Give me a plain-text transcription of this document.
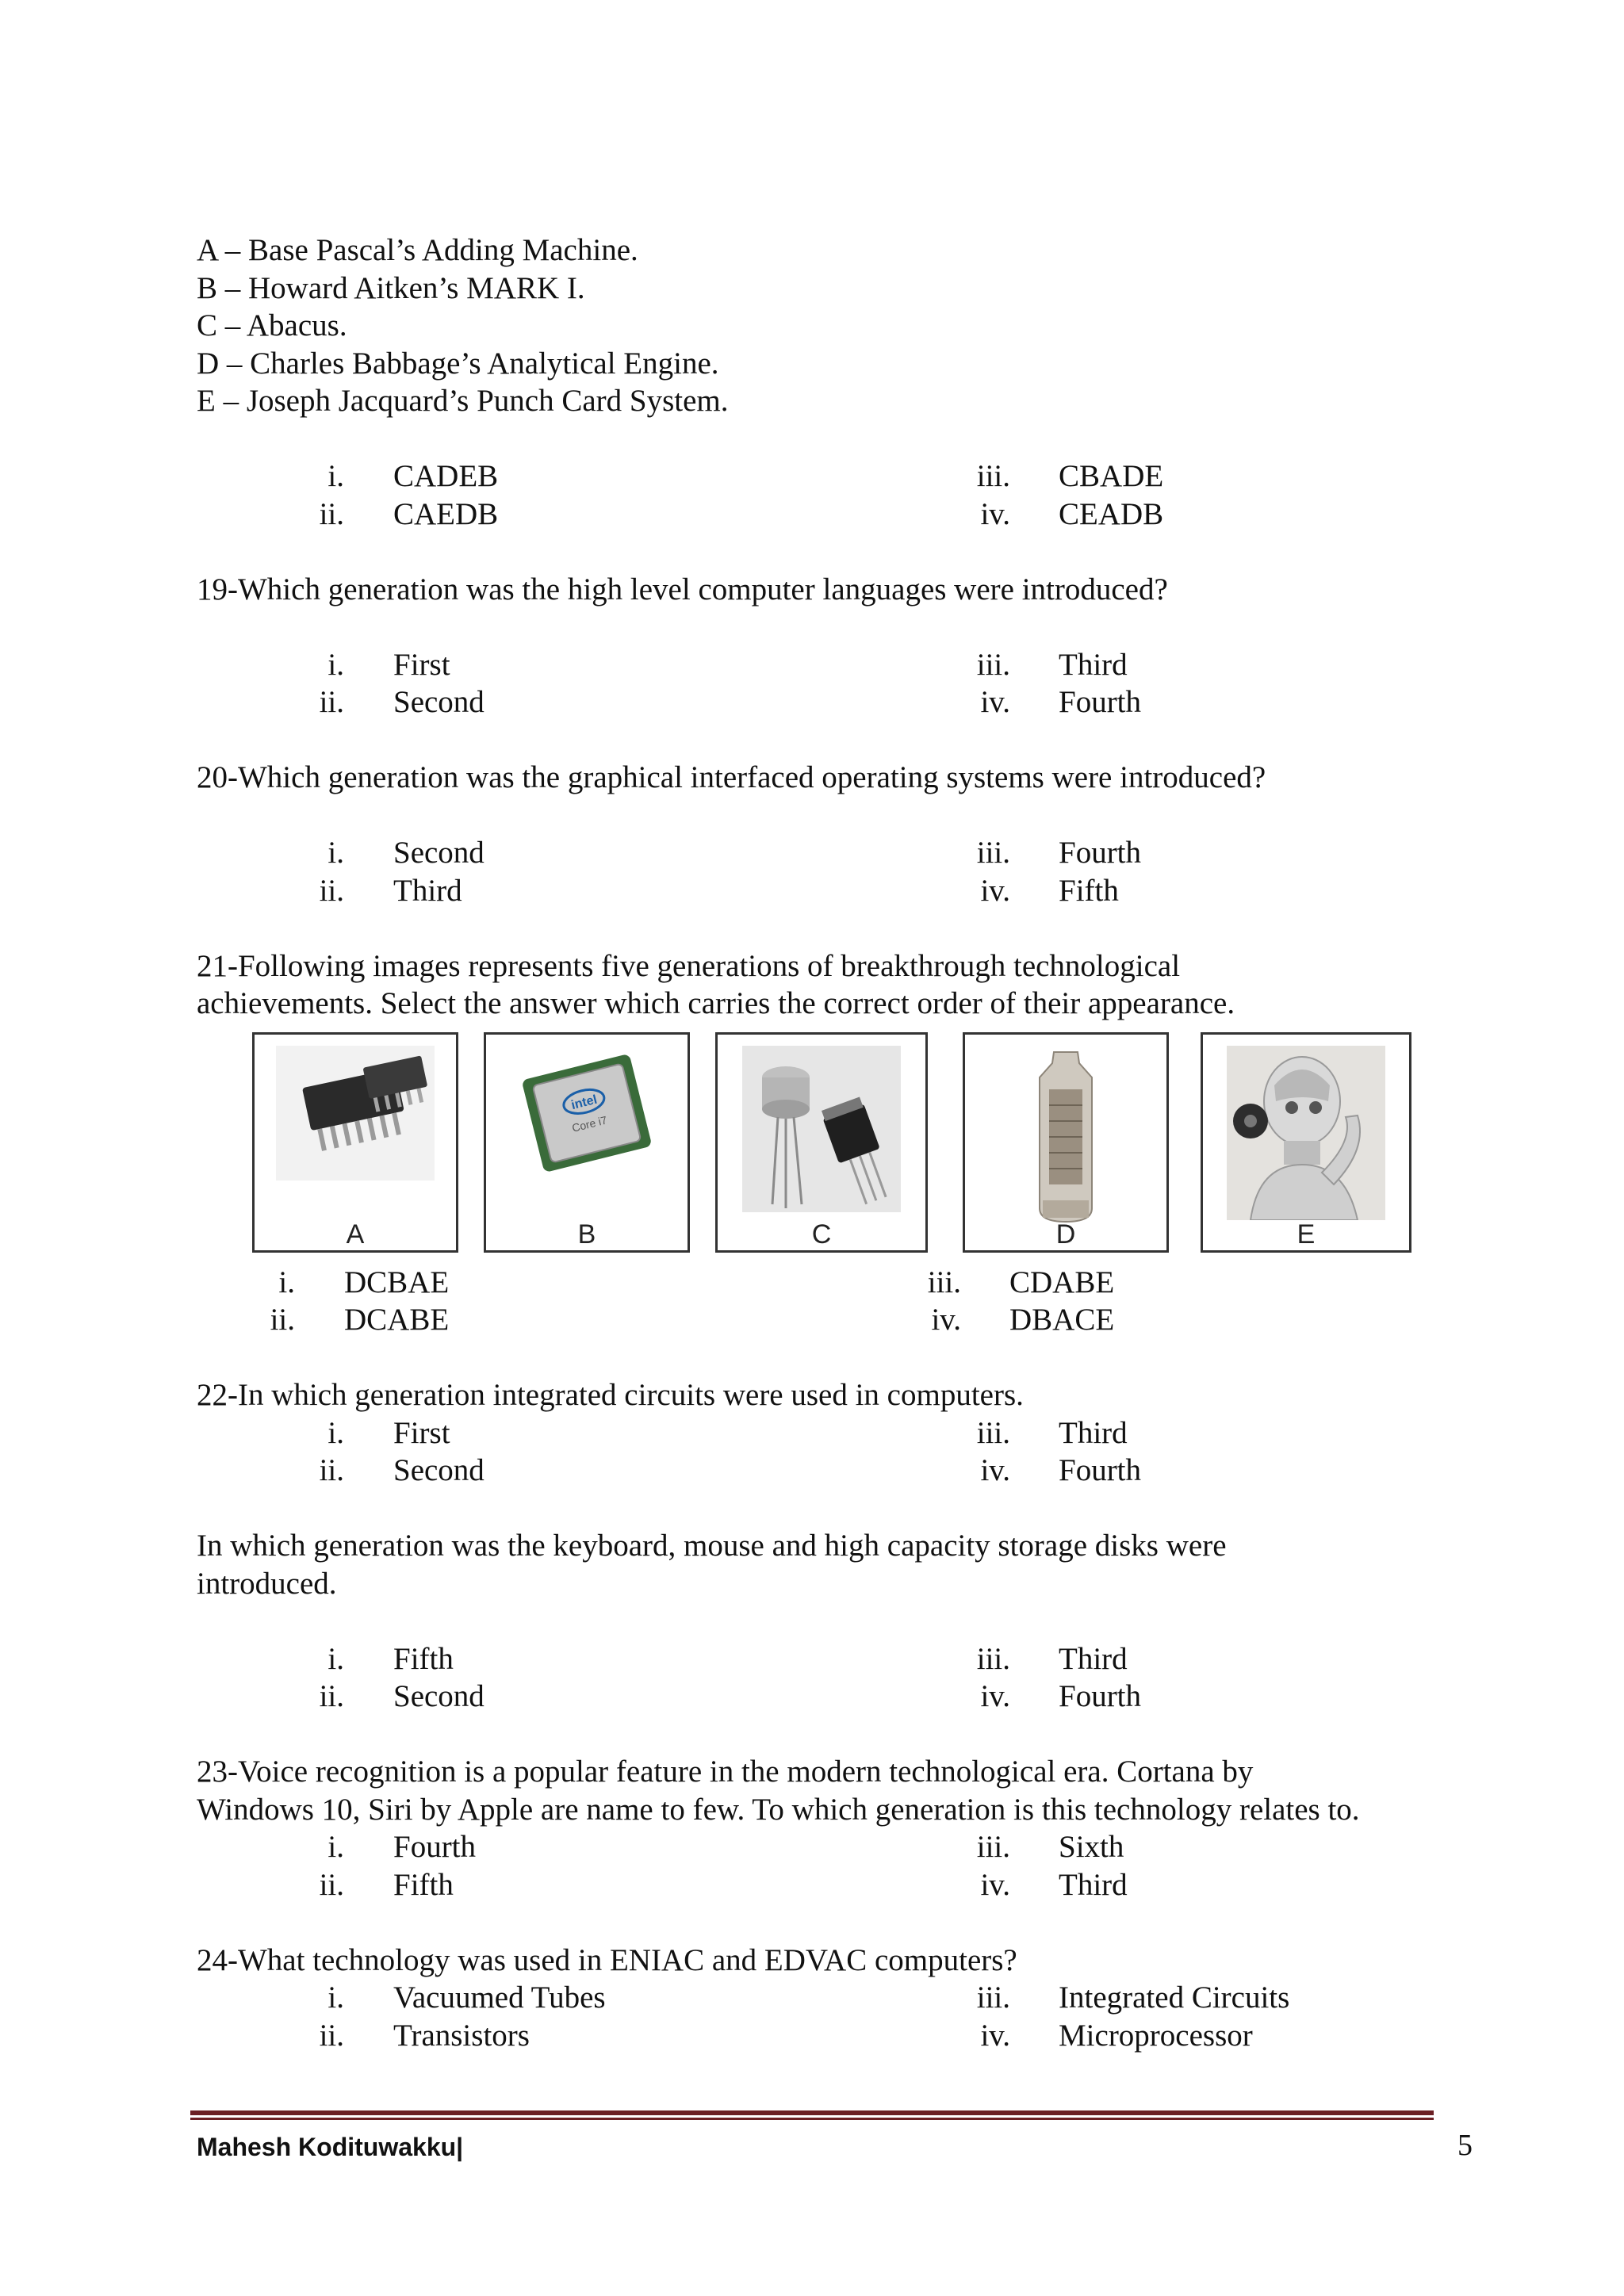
A – Base Pascal’s Adding Machine.
B – Howard Aitken’s MARK I.
C – Abacus.
D – Charles Babbage’s Analytical Engine.
E – Joseph Jacquard’s Punch Card System.
i. CADEB	iii. CBADE
ii. CAEDB	iv. CEADB
19-Which generation was the high level computer languages were introduced?
i. First	iii. Third
ii. Second	iv. Fourth
20-Which generation was the graphical interfaced operating systems were introduced?
i. Second	iii. Fourth
ii. Third	iv. Fifth
21-Following images represents five generations of breakthrough technological
achievements. Select the answer which carries the correct order of their appearance.
A
intel
Core i7
B	C	D	E
i. DCBAE	iii. CDABE
ii. DCABE	iv. DBACE
22-In which generation integrated circuits were used in computers.
i. First	iii. Third
ii. Second	iv. Fourth
In which generation was the keyboard, mouse and high capacity storage disks were
introduced.
i. Fifth	iii. Third
ii. Second	iv. Fourth
23-Voice recognition is a popular feature in the modern technological era. Cortana by
Windows 10, Siri by Apple are name to few. To which generation is this technology relates to.
i. Fourth	iii. Sixth
ii. Fifth	iv. Third
24-What technology was used in ENIAC and EDVAC computers?
i. Vacuumed Tubes	iii. Integrated Circuits
ii. Transistors	iv. Microprocessor
Mahesh Kodituwakku|	5
